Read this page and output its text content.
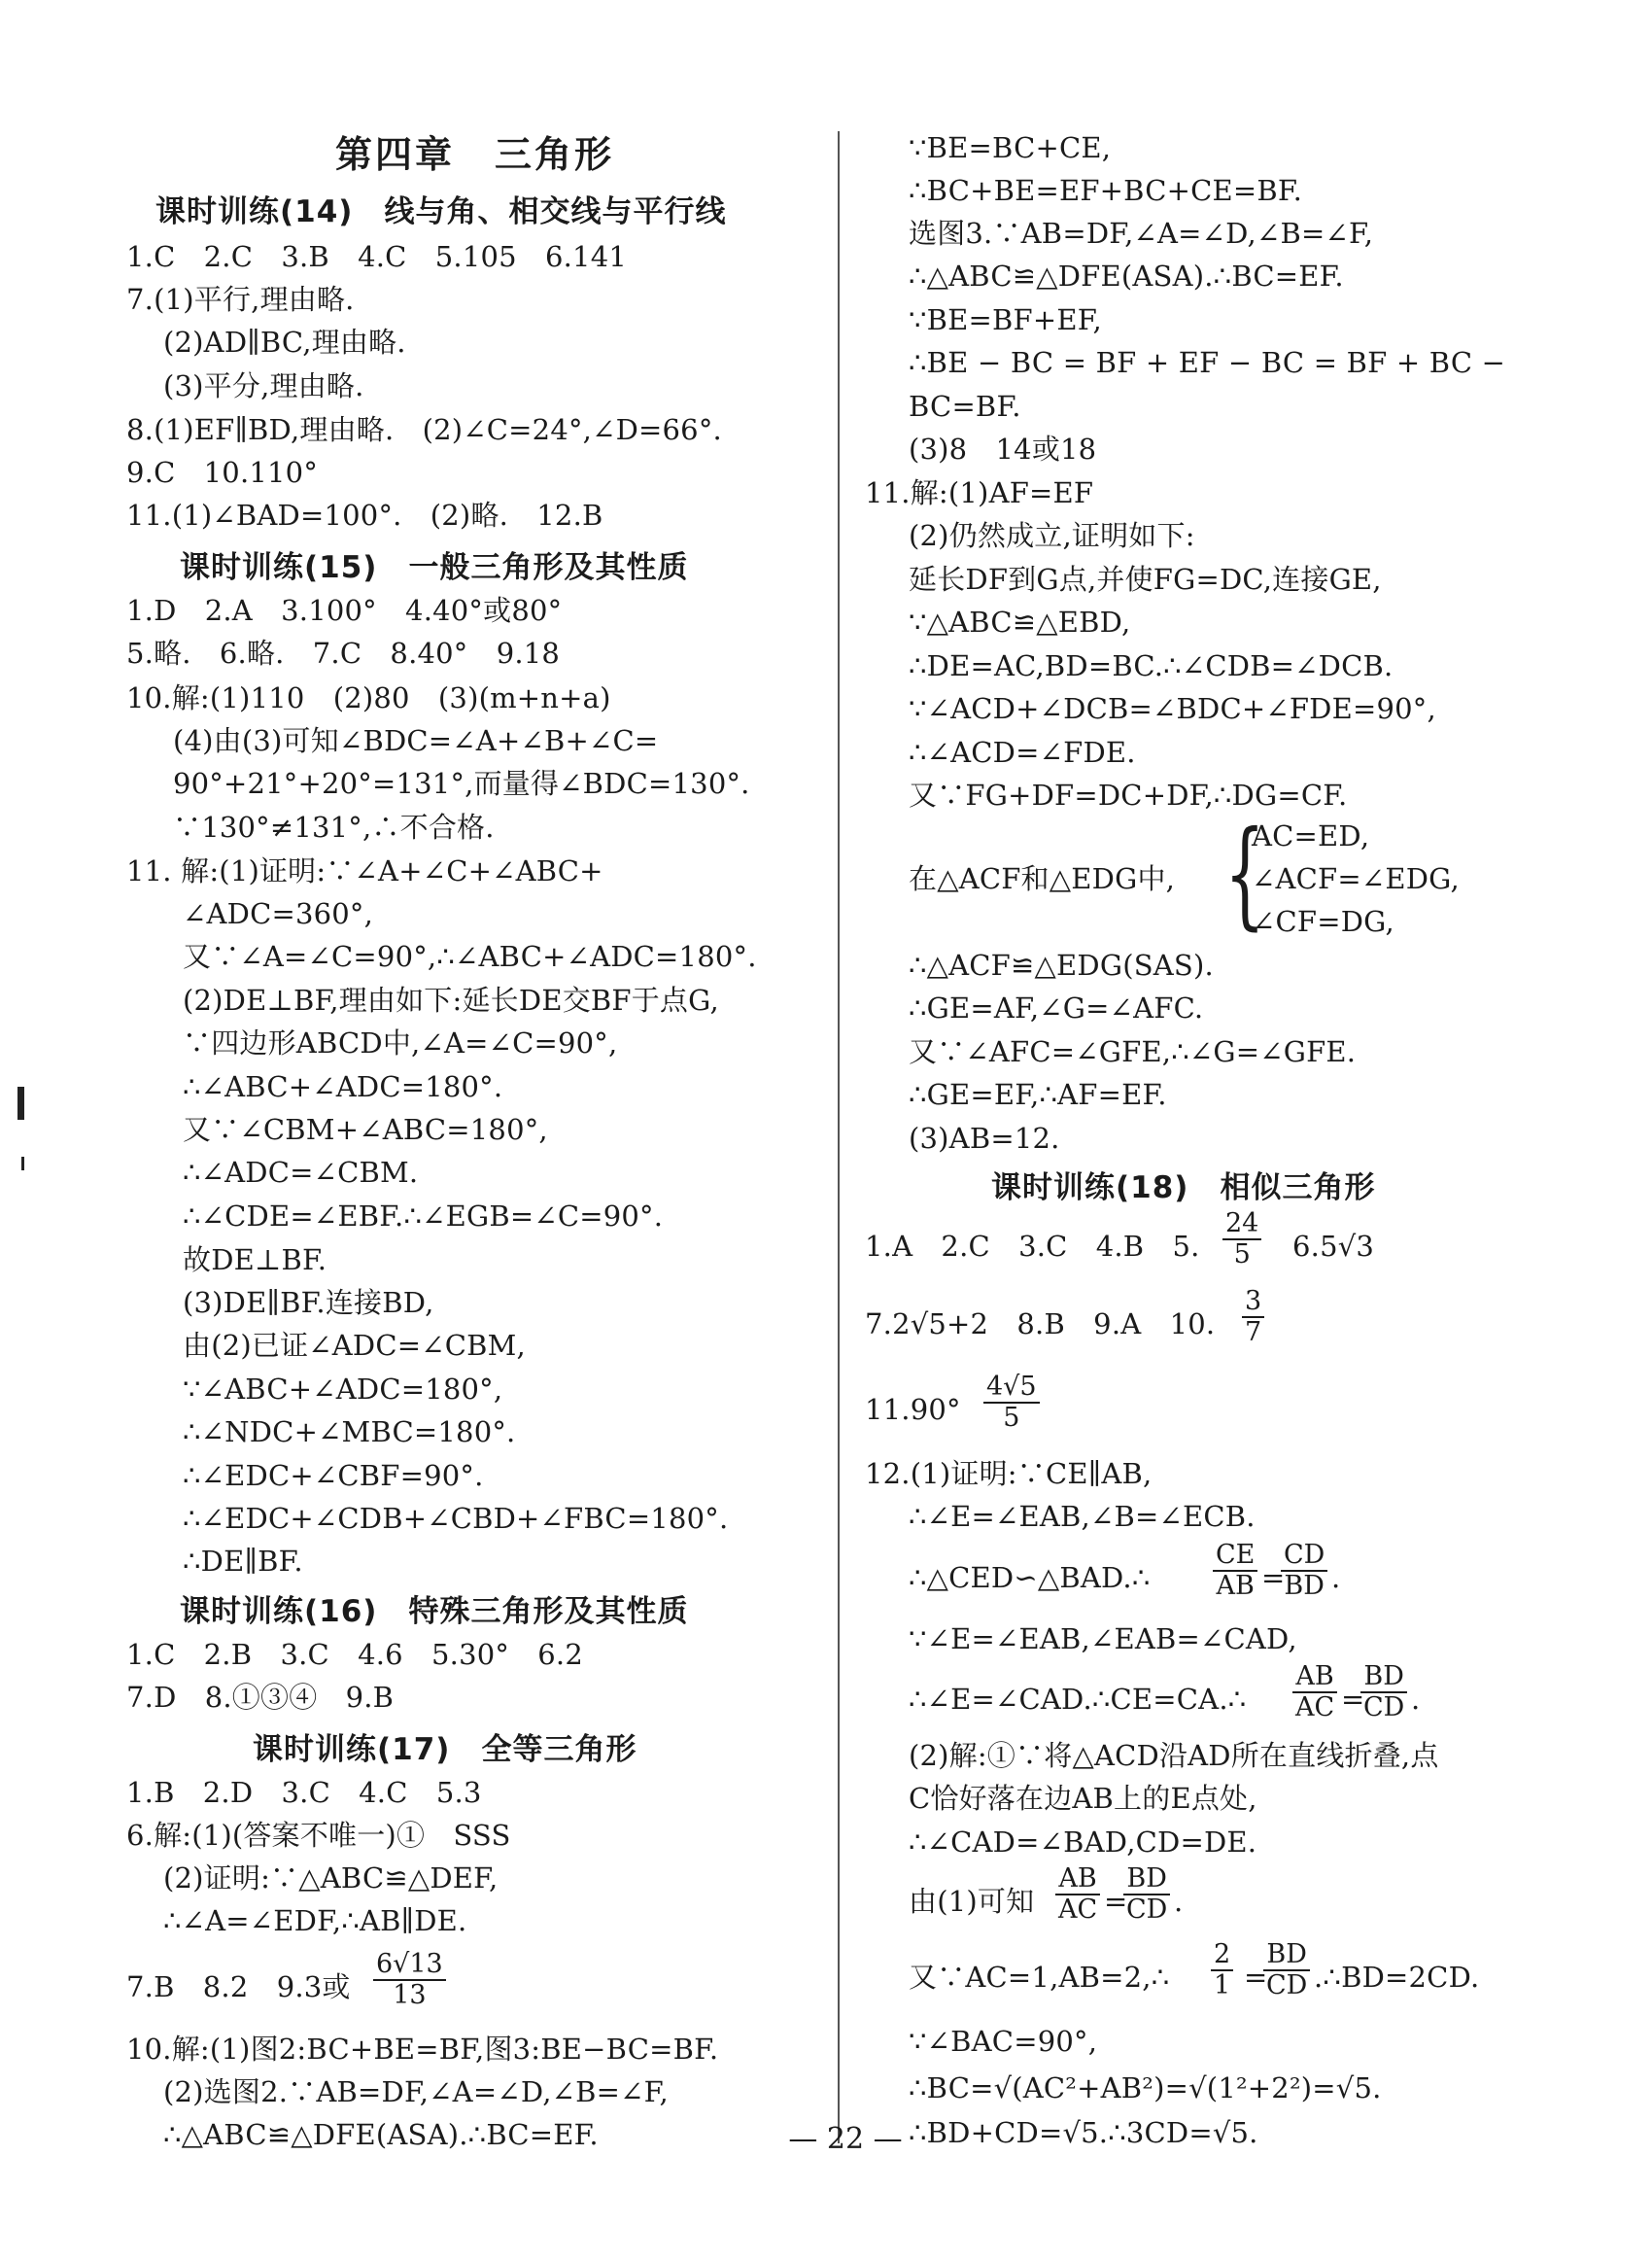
第四章　三角形
课时训练(14)　线与角、相交线与平行线
1.C　2.C　3.B　4.C　5.105　6.141
7.(1)平行,理由略.
(2)AD∥BC,理由略.
(3)平分,理由略.
8.(1)EF∥BD,理由略.　(2)∠C=24°,∠D=66°.
9.C　10.110°
11.(1)∠BAD=100°.　(2)略.　12.B
课时训练(15)　一般三角形及其性质
1.D　2.A　3.100°　4.40°或80°
5.略.　6.略.　7.C　8.40°　9.18
10.解:(1)110　(2)80　(3)(m+n+a)
(4)由(3)可知∠BDC=∠A+∠B+∠C=
90°+21°+20°=131°,而量得∠BDC=130°.
∵130°≠131°,∴不合格.
11. 解:(1)证明:∵∠A+∠C+∠ABC+
∠ADC=360°,
又∵∠A=∠C=90°,∴∠ABC+∠ADC=180°.
(2)DE⊥BF,理由如下:延长DE交BF于点G,
∵四边形ABCD中,∠A=∠C=90°,
∴∠ABC+∠ADC=180°.
又∵∠CBM+∠ABC=180°,
∴∠ADC=∠CBM.
∴∠CDE=∠EBF.∴∠EGB=∠C=90°.
故DE⊥BF.
(3)DE∥BF.连接BD,
由(2)已证∠ADC=∠CBM,
∵∠ABC+∠ADC=180°,
∴∠NDC+∠MBC=180°.
∴∠EDC+∠CBF=90°.
∴∠EDC+∠CDB+∠CBD+∠FBC=180°.
∴DE∥BF.
课时训练(16)　特殊三角形及其性质
1.C　2.B　3.C　4.6　5.30°　6.2
7.D　8.①③④　9.B
课时训练(17)　全等三角形
1.B　2.D　3.C　4.C　5.3
6.解:(1)(答案不唯一)①　SSS
(2)证明:∵△ABC≌△DEF,
∴∠A=∠EDF,∴AB∥DE.
7.B　8.2　9.3或 $\frac{6√13}{13}$
10.解:(1)图2:BC+BE=BF,图3:BE−BC=BF.
(2)选图2.∵AB=DF,∠A=∠D,∠B=∠F,
∴△ABC≌△DFE(ASA).∴BC=EF.
∵BE=BC+CE,
∴BC+BE=EF+BC+CE=BF.
选图3.∵AB=DF,∠A=∠D,∠B=∠F,
∴△ABC≌△DFE(ASA).∴BC=EF.
∵BE=BF+EF,
∴BE − BC = BF + EF − BC = BF + BC −
BC=BF.
(3)8　14或18
11.解:(1)AF=EF
(2)仍然成立,证明如下:
延长DF到G点,并使FG=DC,连接GE,
∵△ABC≌△EBD,
∴DE=AC,BD=BC.∴∠CDB=∠DCB.
∵∠ACD+∠DCB=∠BDC+∠FDE=90°,
∴∠ACD=∠FDE.
又∵FG+DF=DC+DF,∴DG=CF.
在△ACF和△EDG中, {
AC=ED,
∠ACF=∠EDG,
∠CF=DG,
∴△ACF≌△EDG(SAS).
∴GE=AF,∠G=∠AFC.
又∵∠AFC=∠GFE,∴∠G=∠GFE.
∴GE=EF,∴AF=EF.
(3)AB=12.
课时训练(18)　相似三角形
1.A　2.C　3.C　4.B　5. $\frac{24}{5} 6.5√3$
7.2√5+2　8.B　9.A　10. $\frac{3}{7}$
$11.90^\circ \frac{4√5}{5}$
12.(1)证明:∵CE∥AB,
∴∠E=∠EAB,∠B=∠ECB.
∴△CED∽△BAD.∴ $\frac{CE}{AB}$ =
$\frac{CD}{BD}$ .
∵∠E=∠EAB,∠EAB=∠CAD,
∴∠E=∠CAD.∴CE=CA.∴ $\frac{AB}{AC}$ =
$\frac{BD}{CD}$ .
(2)解:①∵将△ACD沿AD所在直线折叠,点
C恰好落在边AB上的E点处,
∴∠CAD=∠BAD,CD=DE.
由(1)可知 $\frac{AB}{AC}$ =
$\frac{BD}{CD}$ .
又∵AC=1,AB=2,∴ $\frac{2}{1}$ =
$\frac{BD}{CD}$ .∴BD=2CD.
∵∠BAC=90°,
∴BC=√(AC²+AB²)=√(1²+2²)=√5.
∴BD+CD=√5.∴3CD=√5.
— 22 —
